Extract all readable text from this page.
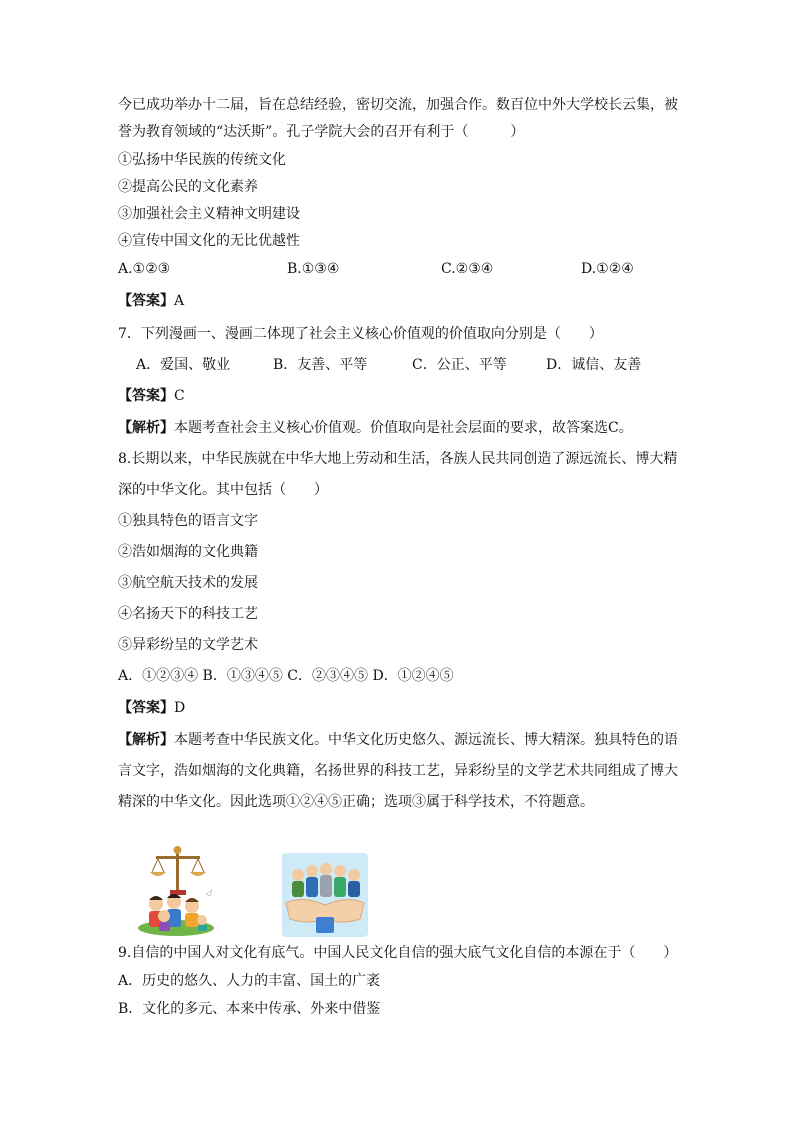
今已成功举办十二届，旨在总结经验，密切交流，加强合作。数百位中外大学校长云集，被
誉为教育领域的“达沃斯”。孔子学院大会的召开有利于（　　　）
①弘扬中华民族的传统文化
②提高公民的文化素养
③加强社会主义精神文明建设
④宣传中国文化的无比优越性
A.①②③	B.①③④	C.②③④	D.①②④
【答案】A
7．下列漫画一、漫画二体现了社会主义核心价值观的价值取向分别是（　　）
A．爱国、敬业	B．友善、平等	C．公正、平等	D．诚信、友善
【答案】C
【解析】本题考查社会主义核心价值观。价值取向是社会层面的要求，故答案选C。
8.长期以来，中华民族就在中华大地上劳动和生活，各族人民共同创造了源远流长、博大精
深的中华文化。其中包括（　　）
①独具特色的语言文字
②浩如烟海的文化典籍
③航空航天技术的发展
④名扬天下的科技工艺
⑤异彩纷呈的文学艺术
A．①②③④ B．①③④⑤ C．②③④⑤ D．①②④⑤
【答案】D
【解析】本题考查中华民族文化。中华文化历史悠久、源远流长、博大精深。独具特色的语
言文字，浩如烟海的文化典籍，名扬世界的科技工艺，异彩纷呈的文学艺术共同组成了博大
精深的中华文化。因此选项①②④⑤正确；选项③属于科学技术，不符题意。
9.自信的中国人对文化有底气。中国人民文化自信的强大底气文化自信的本源在于（　　）
A．历史的悠久、人力的丰富、国土的广袤
B．文化的多元、本来中传承、外来中借鉴
